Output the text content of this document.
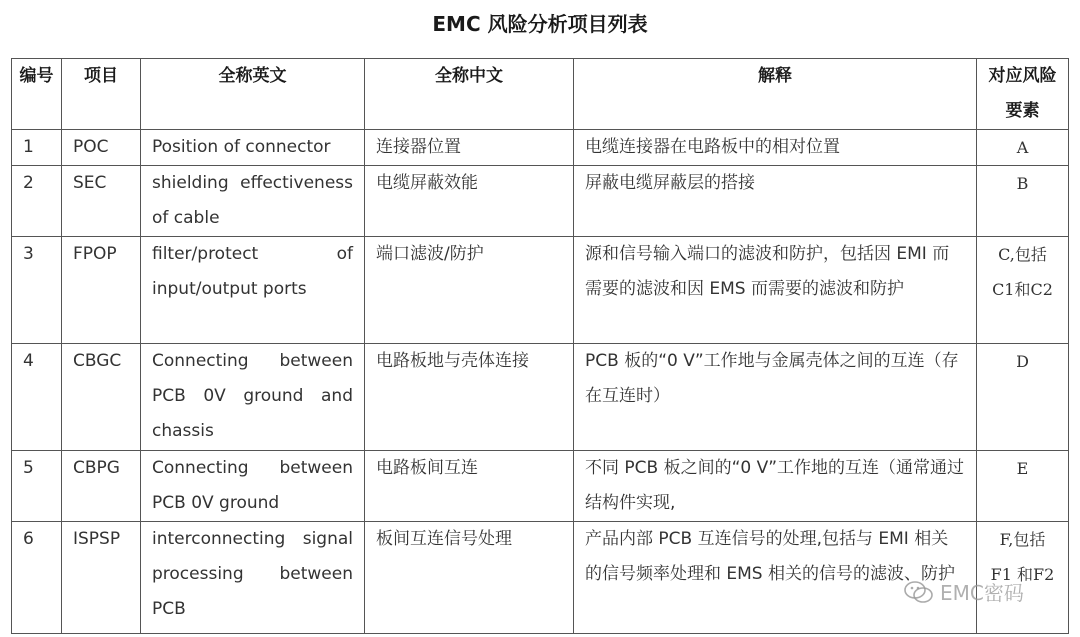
EMC 风险分析项目列表
编号	项目	全称英文	全称中文	解释	对应风险要素
1	POC	Position of connector	连接器位置	电缆连接器在电路板中的相对位置	A
2	SEC	shielding effectiveness of cable	电缆屏蔽效能	屏蔽电缆屏蔽层的搭接	B
3	FPOP	filter/protect of input/output ports	端口滤波/防护	源和信号输入端口的滤波和防护，包括因 EMI 而需要的滤波和因 EMS 而需要的滤波和防护	C,包括 C1和C2
4	CBGC	Connecting between PCB 0V ground and chassis	电路板地与壳体连接	PCB 板的“0 V”工作地与金属壳体之间的互连（存在互连时）	D
5	CBPG	Connecting between PCB 0V ground	电路板间互连	不同 PCB 板之间的“0 V”工作地的互连（通常通过结构件实现,	E
6	ISPSP	interconnecting signal processing between PCB	板间互连信号处理	产品内部 PCB 互连信号的处理,包括与 EMI 相关的信号频率处理和 EMS 相关的信号的滤波、防护	F,包括 F1 和F2
EMC密码
